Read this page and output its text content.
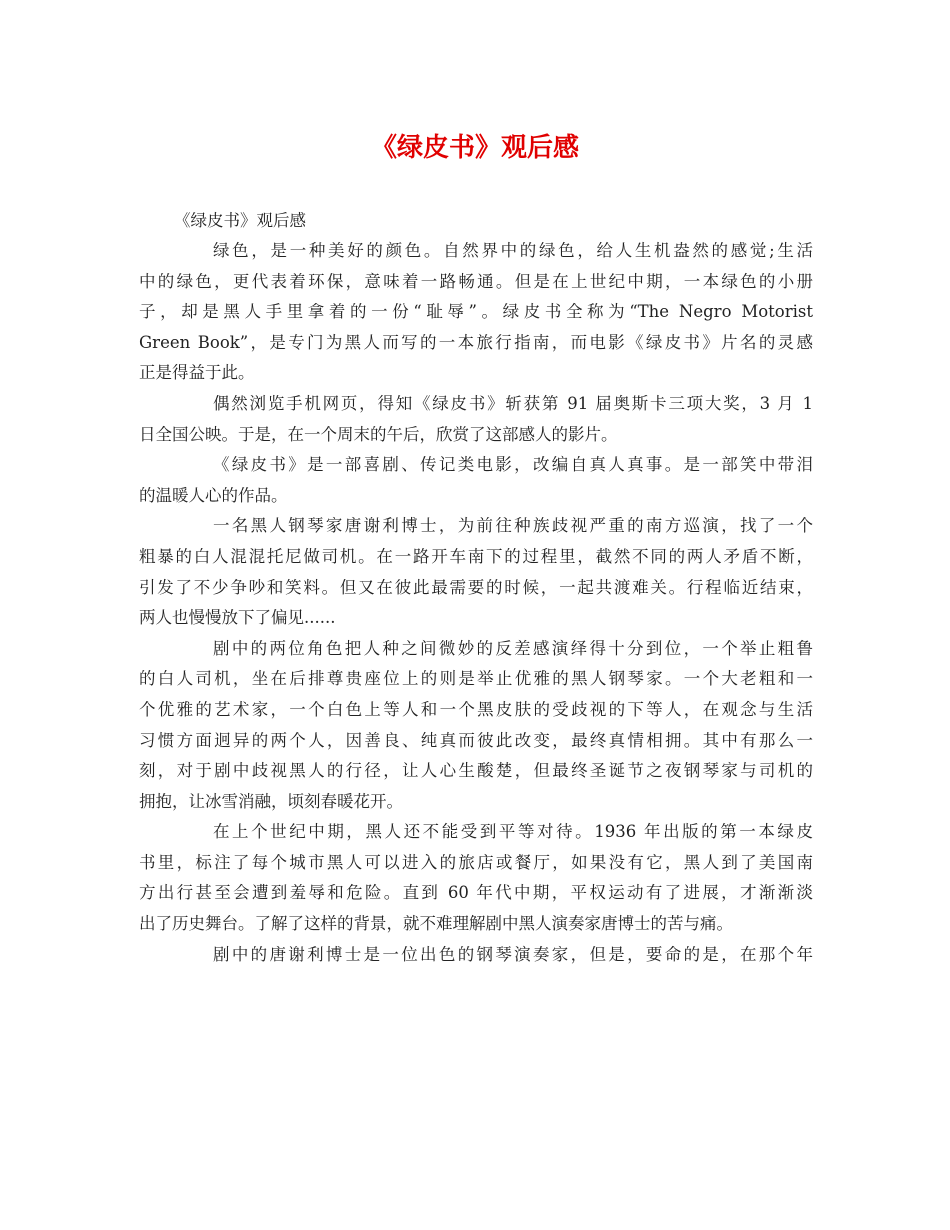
《绿皮书》观后感

《绿皮书》观后感

绿色，是一种美好的颜色。自然界中的绿色，给人生机盎然的感觉;生活
中的绿色，更代表着环保，意味着一路畅通。但是在上世纪中期，一本绿色的小册
子，却是黑人手里拿着的一份“耻辱”。绿皮书全称为“The Negro Motorist
Green Book”，是专门为黑人而写的一本旅行指南，而电影《绿皮书》片名的灵感
正是得益于此。

偶然浏览手机网页，得知《绿皮书》斩获第 91 届奥斯卡三项大奖，3 月 1
日全国公映。于是，在一个周末的午后，欣赏了这部感人的影片。

《绿皮书》是一部喜剧、传记类电影，改编自真人真事。是一部笑中带泪
的温暖人心的作品。

一名黑人钢琴家唐谢利博士，为前往种族歧视严重的南方巡演，找了一个
粗暴的白人混混托尼做司机。在一路开车南下的过程里，截然不同的两人矛盾不断，
引发了不少争吵和笑料。但又在彼此最需要的时候，一起共渡难关。行程临近结束，
两人也慢慢放下了偏见......

剧中的两位角色把人种之间微妙的反差感演绎得十分到位，一个举止粗鲁
的白人司机，坐在后排尊贵座位上的则是举止优雅的黑人钢琴家。一个大老粗和一
个优雅的艺术家，一个白色上等人和一个黑皮肤的受歧视的下等人，在观念与生活
习惯方面迥异的两个人，因善良、纯真而彼此改变，最终真情相拥。其中有那么一
刻，对于剧中歧视黑人的行径，让人心生酸楚，但最终圣诞节之夜钢琴家与司机的
拥抱，让冰雪消融，顷刻春暖花开。

在上个世纪中期，黑人还不能受到平等对待。1936 年出版的第一本绿皮
书里，标注了每个城市黑人可以进入的旅店或餐厅，如果没有它，黑人到了美国南
方出行甚至会遭到羞辱和危险。直到 60 年代中期，平权运动有了进展，才渐渐淡
出了历史舞台。了解了这样的背景，就不难理解剧中黑人演奏家唐博士的苦与痛。

剧中的唐谢利博士是一位出色的钢琴演奏家，但是，要命的是，在那个年
